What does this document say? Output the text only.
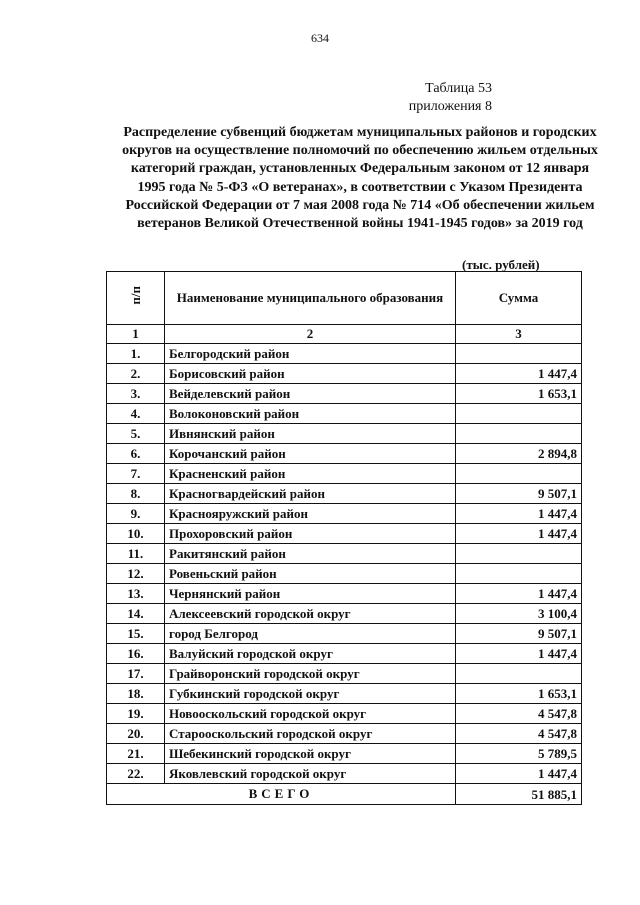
634
Таблица 53
приложения 8
Распределение субвенций бюджетам муниципальных районов и городских
округов на осуществление полномочий по обеспечению жильем отдельных
категорий граждан, установленных Федеральным законом от 12 января
1995 года № 5-ФЗ «О ветеранах», в соответствии с Указом Президента
Российской Федерации от 7 мая 2008 года № 714 «Об обеспечении жильем
ветеранов Великой Отечественной войны 1941-1945 годов» за 2019 год
(тыс. рублей)
п/п	Наименование муниципального образования	Сумма
1	2	3
1.	Белгородский район	
2.	Борисовский район	1 447,4
3.	Вейделевский район	1 653,1
4.	Волоконовский район	
5.	Ивнянский район	
6.	Корочанский район	2 894,8
7.	Красненский район	
8.	Красногвардейский район	9 507,1
9.	Краснояружский район	1 447,4
10.	Прохоровский район	1 447,4
11.	Ракитянский район	
12.	Ровеньский район	
13.	Чернянский район	1 447,4
14.	Алексеевский городской округ	3 100,4
15.	город Белгород	9 507,1
16.	Валуйский городской округ	1 447,4
17.	Грайворонский городской округ	
18.	Губкинский городской округ	1 653,1
19.	Новооскольский городской округ	4 547,8
20.	Старооскольский городской округ	4 547,8
21.	Шебекинский городской округ	5 789,5
22.	Яковлевский городской округ	1 447,4
ВСЕГО		51 885,1
